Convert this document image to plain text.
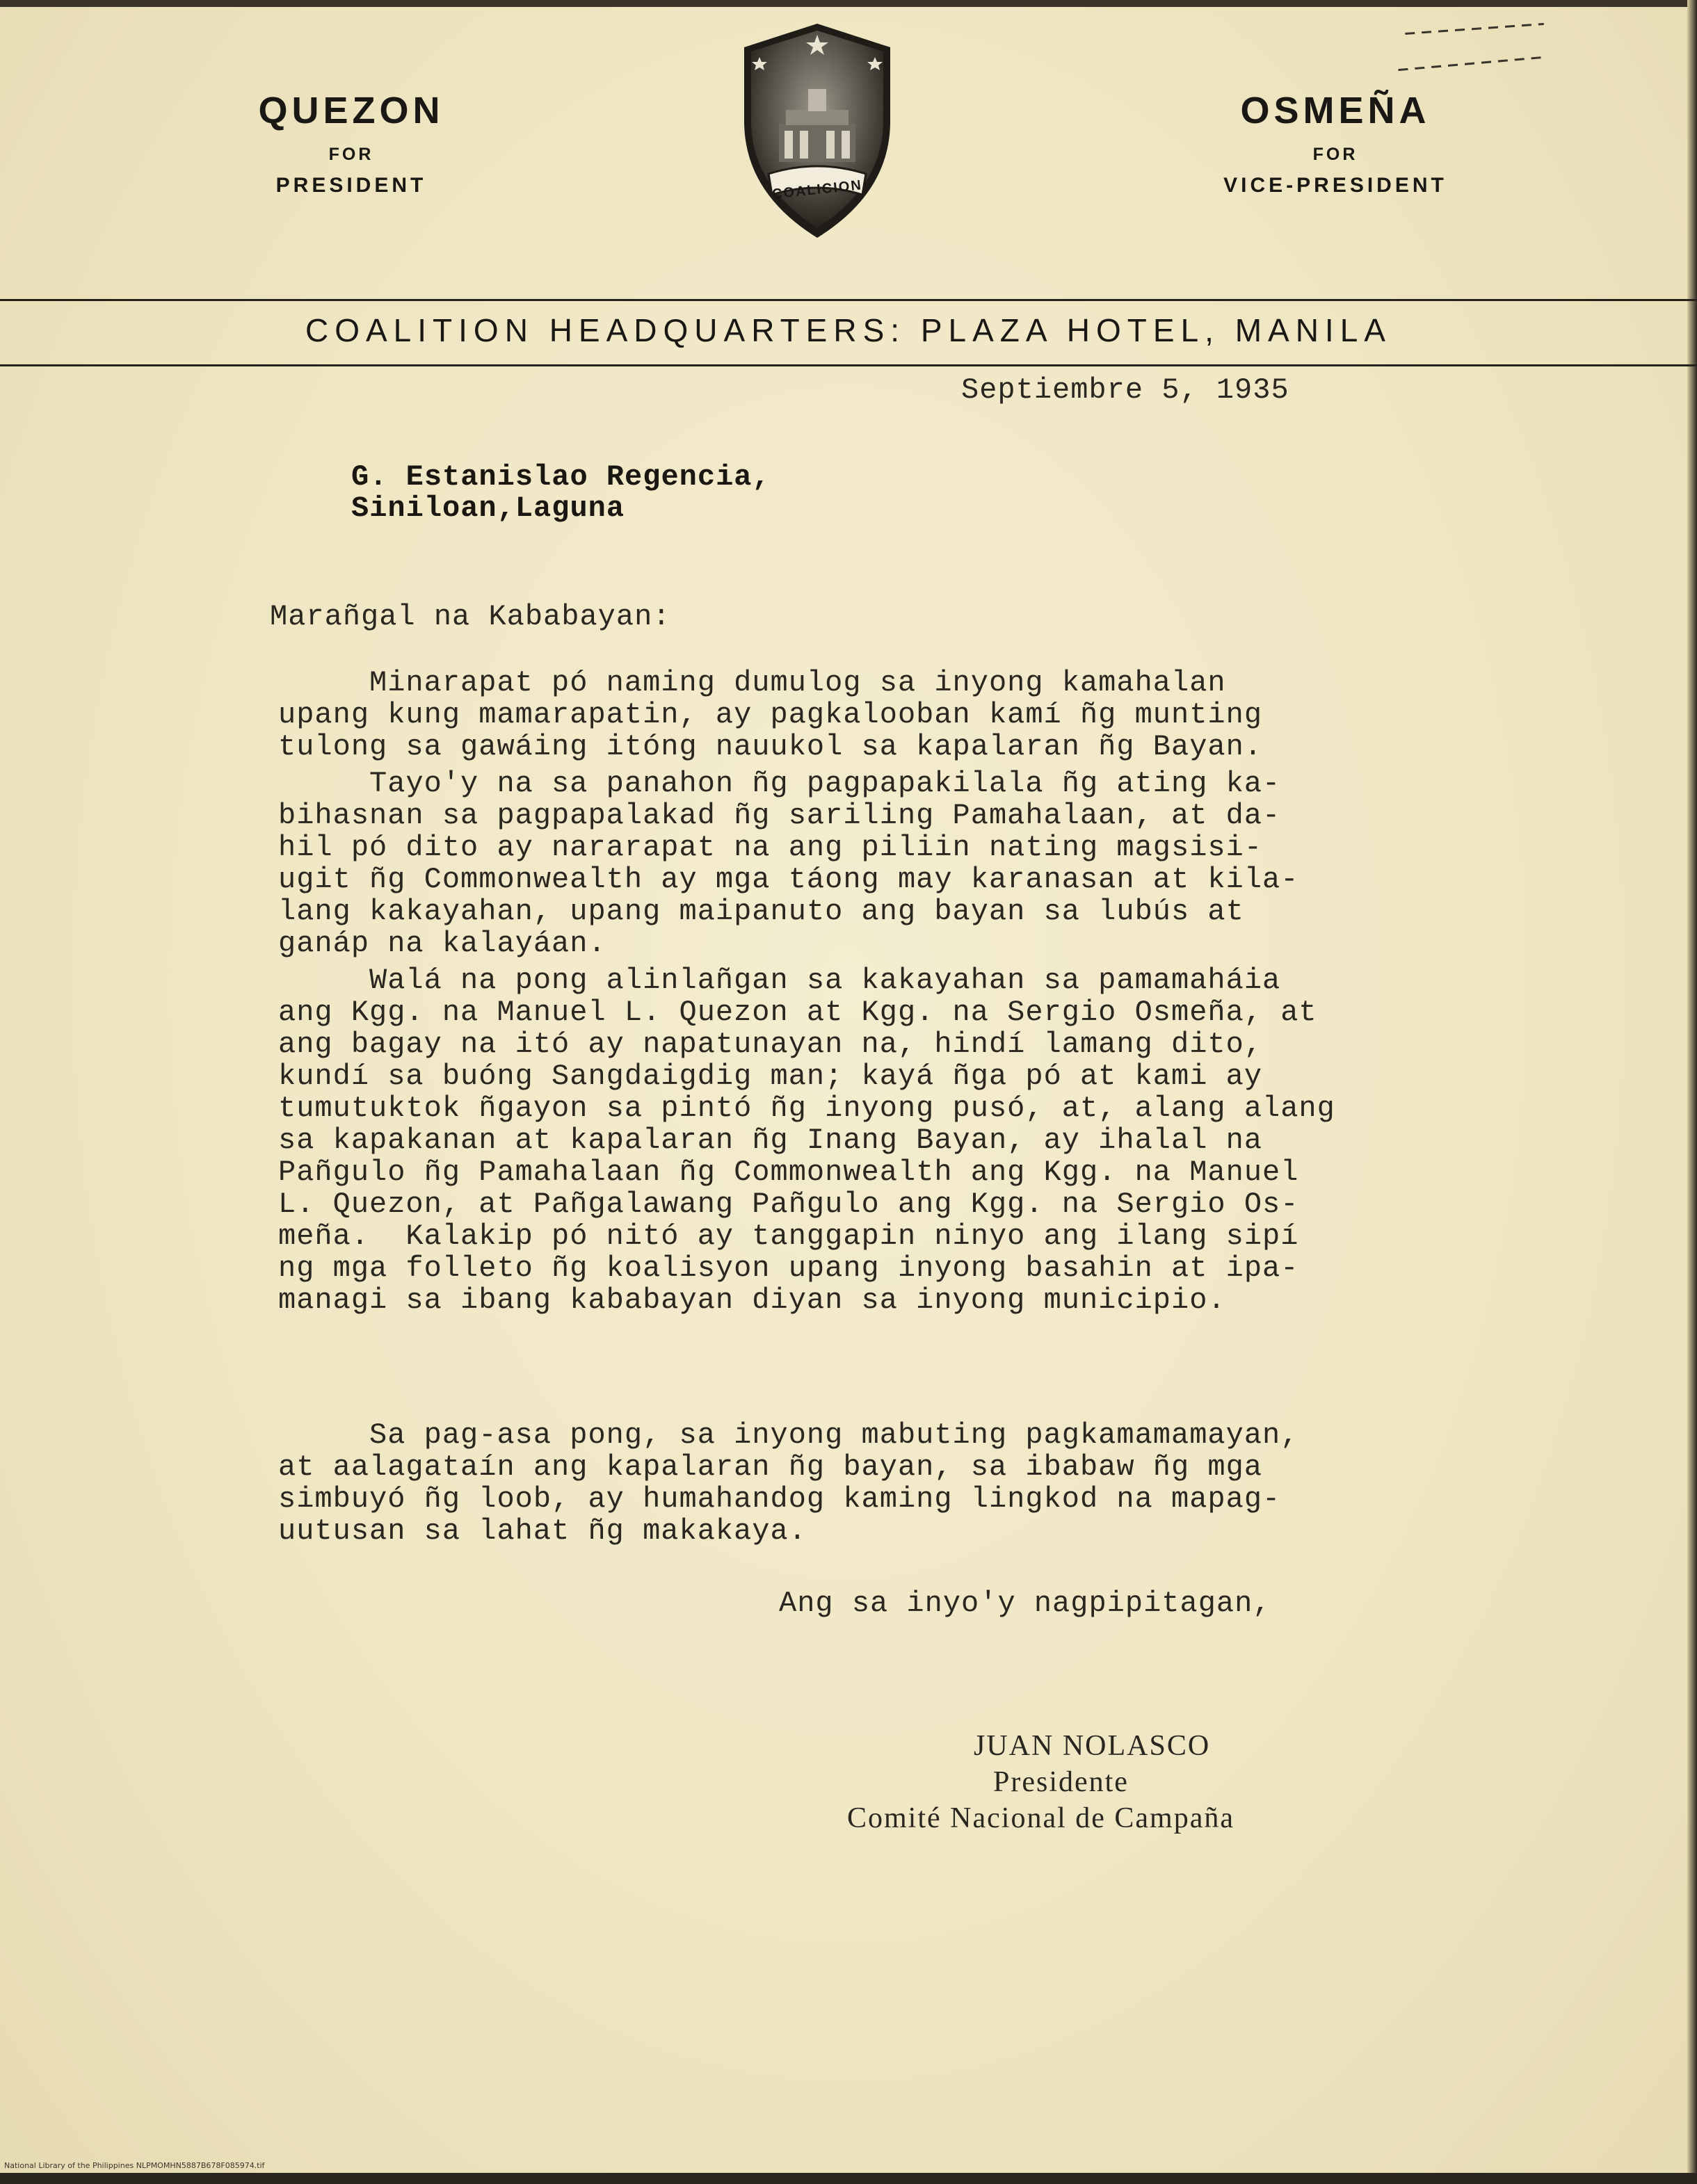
QUEZON
FOR
PRESIDENT
OSMEÑA
FOR
VICE-PRESIDENT
COALICION
COALITION HEADQUARTERS: PLAZA HOTEL, MANILA
Septiembre 5, 1935
G. Estanislao Regencia,
Siniloan,Laguna
Marañgal na Kababayan:
Minarapat pó naming dumulog sa inyong kamahalan
upang kung mamarapatin, ay pagkalooban kamí ñg munting
tulong sa gawáing itóng nauukol sa kapalaran ñg Bayan.
Tayo'y na sa panahon ñg pagpapakilala ñg ating ka-
bihasnan sa pagpapalakad ñg sariling Pamahalaan, at da-
hil pó dito ay nararapat na ang piliin nating magsisi-
ugit ñg Commonwealth ay mga táong may karanasan at kila-
lang kakayahan, upang maipanuto ang bayan sa lubús at
ganáp na kalayáan.
Walá na pong alinlañgan sa kakayahan sa pamamaháia
ang Kgg. na Manuel L. Quezon at Kgg. na Sergio Osmeña, at
ang bagay na itó ay napatunayan na, hindí lamang dito,
kundí sa buóng Sangdaigdig man; kayá ñga pó at kami ay
tumutuktok ñgayon sa pintó ñg inyong pusó, at, alang alang
sa kapakanan at kapalaran ñg Inang Bayan, ay ihalal na
Pañgulo ñg Pamahalaan ñg Commonwealth ang Kgg. na Manuel
L. Quezon, at Pañgalawang Pañgulo ang Kgg. na Sergio Os-
meña.  Kalakip pó nitó ay tanggapin ninyo ang ilang sipí
ng mga folleto ñg koalisyon upang inyong basahin at ipa-
managi sa ibang kababayan diyan sa inyong municipio.
Sa pag-asa pong, sa inyong mabuting pagkamamamayan,
at aalagataín ang kapalaran ñg bayan, sa ibabaw ñg mga
simbuyó ñg loob, ay humahandog kaming lingkod na mapag-
uutusan sa lahat ñg makakaya.
Ang sa inyo'y nagpipitagan,
JUAN NOLASCO
Presidente
Comité Nacional de Campaña
National Library of the Philippines NLPMOMHN5887B678F085974.tif
